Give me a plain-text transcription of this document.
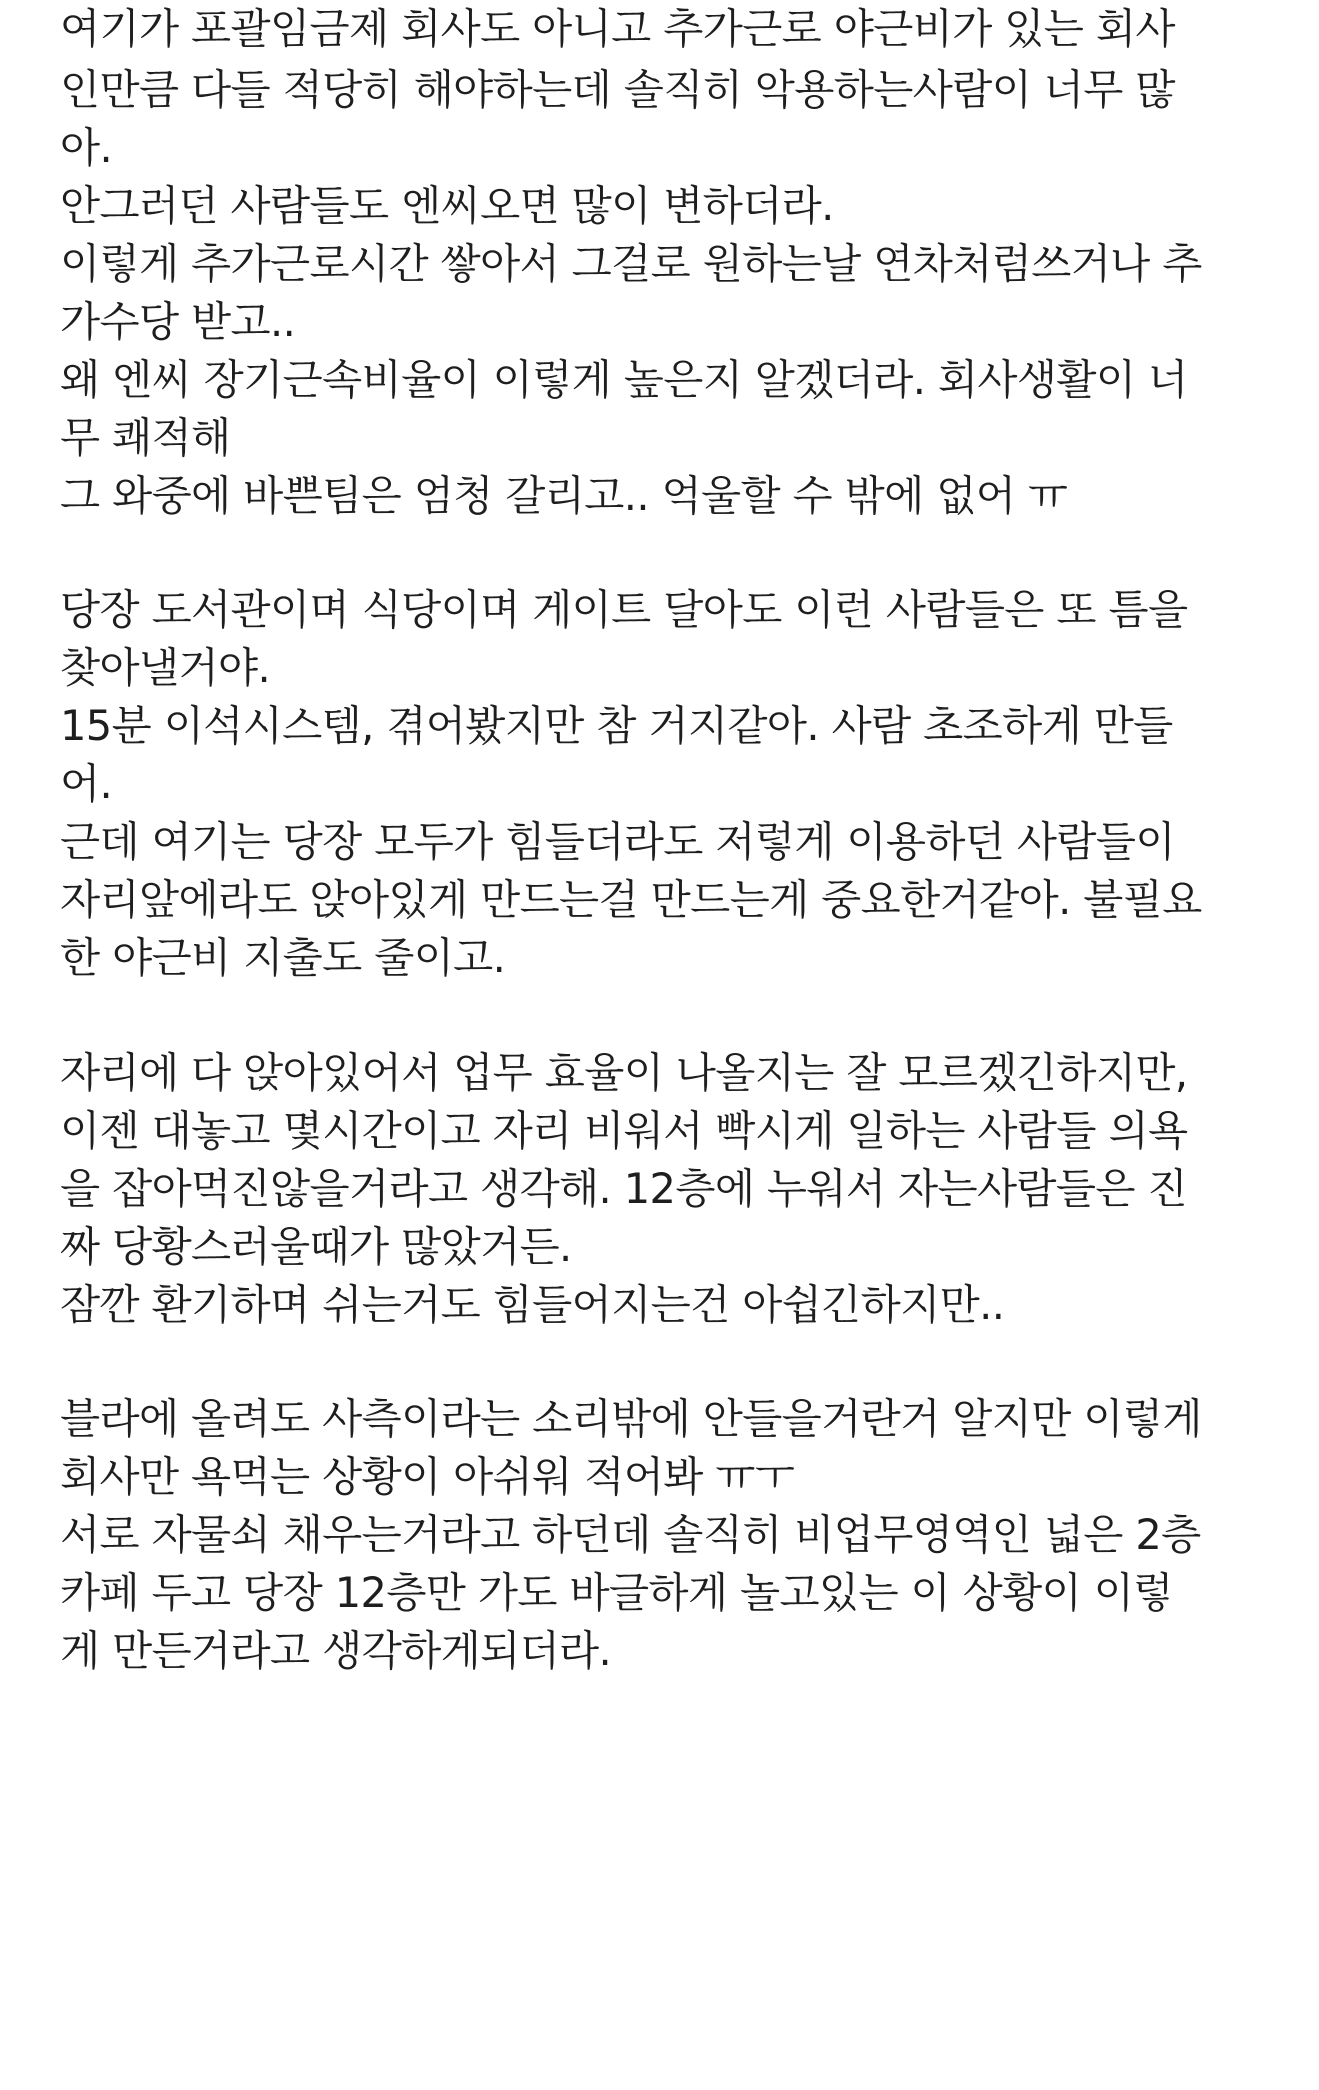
여기가 포괄임금제 회사도 아니고 추가근로 야근비가 있는 회사
인만큼 다들 적당히 해야하는데 솔직히 악용하는사람이 너무 많
아.
안그러던 사람들도 엔씨오면 많이 변하더라.
이렇게 추가근로시간 쌓아서 그걸로 원하는날 연차처럼쓰거나 추
가수당 받고..
왜 엔씨 장기근속비율이 이렇게 높은지 알겠더라. 회사생활이 너
무 쾌적해
그 와중에 바쁜팀은 엄청 갈리고.. 억울할 수 밖에 없어 ㅠ
당장 도서관이며 식당이며 게이트 달아도 이런 사람들은 또 틈을
찾아낼거야.
15분 이석시스템, 겪어봤지만 참 거지같아. 사람 초조하게 만들
어.
근데 여기는 당장 모두가 힘들더라도 저렇게 이용하던 사람들이
자리앞에라도 앉아있게 만드는걸 만드는게 중요한거같아. 불필요
한 야근비 지출도 줄이고.
자리에 다 앉아있어서 업무 효율이 나올지는 잘 모르겠긴하지만,
이젠 대놓고 몇시간이고 자리 비워서 빡시게 일하는 사람들 의욕
을 잡아먹진않을거라고 생각해. 12층에 누워서 자는사람들은 진
짜 당황스러울때가 많았거든.
잠깐 환기하며 쉬는거도 힘들어지는건 아쉽긴하지만..
블라에 올려도 사측이라는 소리밖에 안들을거란거 알지만 이렇게
회사만 욕먹는 상황이 아쉬워 적어봐 ㅠㅜ
서로 자물쇠 채우는거라고 하던데 솔직히 비업무영역인 넓은 2층
카페 두고 당장 12층만 가도 바글하게 놀고있는 이 상황이 이렇
게 만든거라고 생각하게되더라.
